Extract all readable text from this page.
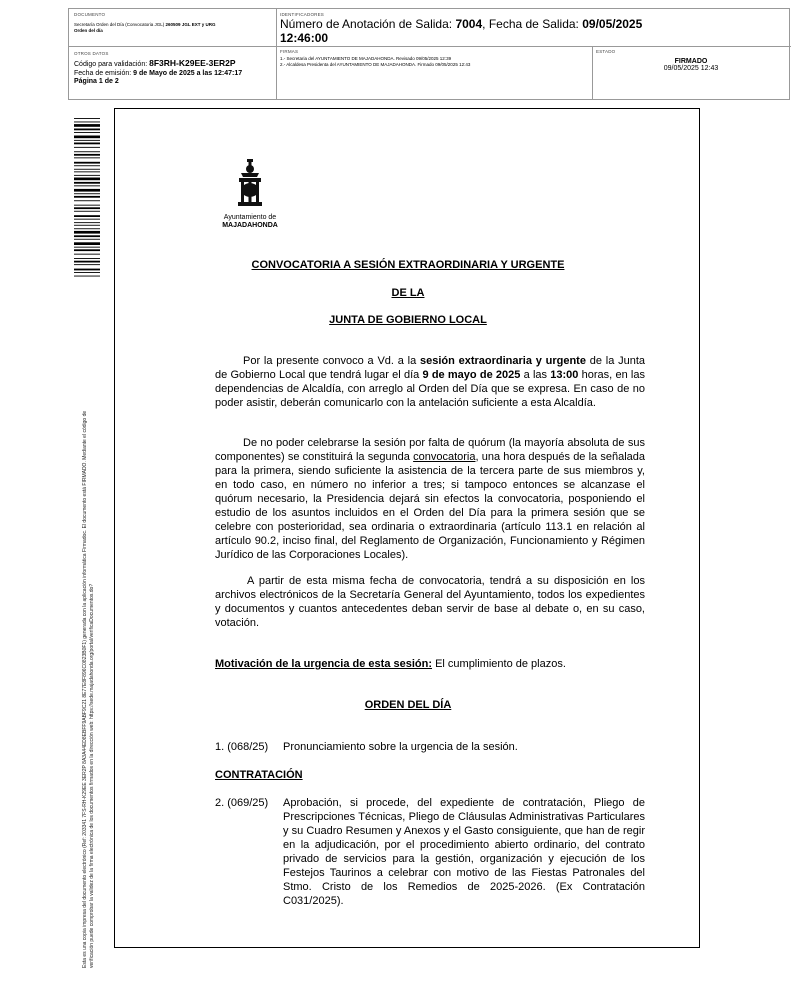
DOCUMENTO
Secretaría Orden del Día (Convocatoria JGL) 260509 JGL EXT y URG
Orden del día
IDENTIFICADORES
Número de Anotación de Salida: 7004, Fecha de Salida: 09/05/2025
12:46:00
OTROS DATOS
Código para validación: 8F3RH-K29EE-3ER2P
Fecha de emisión: 9 de Mayo de 2025 a las 12:47:17
Página 1 de 2
FIRMAS
1.- Secretaria del AYUNTAMIENTO DE MAJADAHONDA. Revisado 09/05/2025 12:39
2.- Alcaldesa Presidenta del AYUNTAMIENTO DE MAJADAHONDA. Firmado 09/05/2025 12:43
ESTADO
FIRMADO
09/05/2025 12:43
Esta es una copia impresa del documento electrónico (Ref: 203341 7FS-RH-K29EE 3ER2P 8A3A44ED8EBFF9ABF9C21 8E77E8F896C0823B0F1) generada con la aplicación informática Firmadoc. El documento está FIRMADO. Mediante el código de verificación puede comprobar la validez de la firma electrónica de los documentos firmados en la dirección web: https://sede.majadahonda.org/portal/verificaDocumentos.do?
Ayuntamiento de
MAJADAHONDA
CONVOCATORIA A SESIÓN EXTRAORDINARIA Y URGENTE
DE LA
JUNTA DE GOBIERNO LOCAL
Por la presente convoco a Vd. a la sesión extraordinaria y urgente de la Junta de Gobierno Local que tendrá lugar el día 9 de mayo de 2025 a las 13:00 horas, en las dependencias de Alcaldía, con arreglo al Orden del Día que se expresa. En caso de no poder asistir, deberán comunicarlo con la antelación suficiente a esta Alcaldía.
De no poder celebrarse la sesión por falta de quórum (la mayoría absoluta de sus componentes) se constituirá la segunda convocatoria, una hora después de la señalada para la primera, siendo suficiente la asistencia de la tercera parte de sus miembros y, en todo caso, en número no inferior a tres; si tampoco entonces se alcanzase el quórum necesario, la Presidencia dejará sin efectos la convocatoria, posponiendo el estudio de los asuntos incluidos en el Orden del Día para la primera sesión que se celebre con posterioridad, sea ordinaria o extraordinaria (artículo 113.1 en relación al artículo 90.2, inciso final, del Reglamento de Organización, Funcionamiento y Régimen Jurídico de las Corporaciones Locales).
A partir de esta misma fecha de convocatoria, tendrá a su disposición en los archivos electrónicos de la Secretaría General del Ayuntamiento, todos los expedientes y documentos y cuantos antecedentes deban servir de base al debate o, en su caso, votación.
Motivación de la urgencia de esta sesión: El cumplimiento de plazos.
ORDEN DEL DÍA
1. (068/25) Pronunciamiento sobre la urgencia de la sesión.
CONTRATACIÓN
2. (069/25) Aprobación, si procede, del expediente de contratación, Pliego de Prescripciones Técnicas, Pliego de Cláusulas Administrativas Particulares y su Cuadro Resumen y Anexos y el Gasto consiguiente, que han de regir en la adjudicación, por el procedimiento abierto ordinario, del contrato privado de servicios para la gestión, organización y ejecución de los Festejos Taurinos a celebrar con motivo de las Fiestas Patronales del Stmo. Cristo de los Remedios de 2025-2026. (Ex Contratación C031/2025).
